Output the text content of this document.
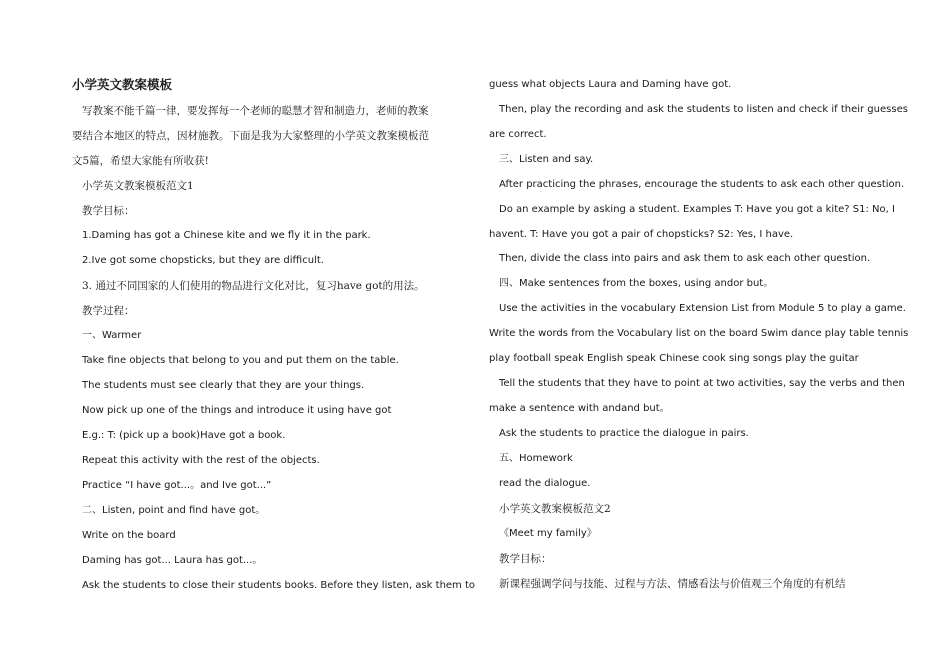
小学英文教案模板
写教案不能千篇一律，要发挥每一个老师的聪慧才智和制造力，老师的教案
要结合本地区的特点，因材施教。下面是我为大家整理的小学英文教案模板范
文5篇，希望大家能有所收获!
小学英文教案模板范文1
教学目标：
1.Daming has got a Chinese kite and we fly it in the park.
2.Ive got some chopsticks, but they are difficult.
3. 通过不同国家的人们使用的物品进行文化对比，复习have got的用法。
教学过程：
一、Warmer
Take fine objects that belong to you and put them on the table.
The students must see clearly that they are your things.
Now pick up one of the things and introduce it using have got
E.g.: T: (pick up a book)Have got a book.
Repeat this activity with the rest of the objects.
Practice “I have got...。and Ive got...”
二、Listen, point and find have got。
Write on the board
Daming has got... Laura has got...。
Ask the students to close their students books. Before they listen, ask them to
guess what objects Laura and Daming have got.
Then, play the recording and ask the students to listen and check if their guesses
are correct.
三、Listen and say.
After practicing the phrases, encourage the students to ask each other question.
Do an example by asking a student. Examples T: Have you got a kite? S1: No, I
havent. T: Have you got a pair of chopsticks? S2: Yes, I have.
Then, divide the class into pairs and ask them to ask each other question.
四、Make sentences from the boxes, using andor but。
Use the activities in the vocabulary Extension List from Module 5 to play a game.
Write the words from the Vocabulary list on the board Swim dance play table tennis
play football speak English speak Chinese cook sing songs play the guitar
Tell the students that they have to point at two activities, say the verbs and then
make a sentence with andand but。
Ask the students to practice the dialogue in pairs.
五、Homework
read the dialogue.
小学英文教案模板范文2
《Meet my family》
教学目标：
新课程强调学问与技能、过程与方法、情感看法与价值观三个角度的有机结
